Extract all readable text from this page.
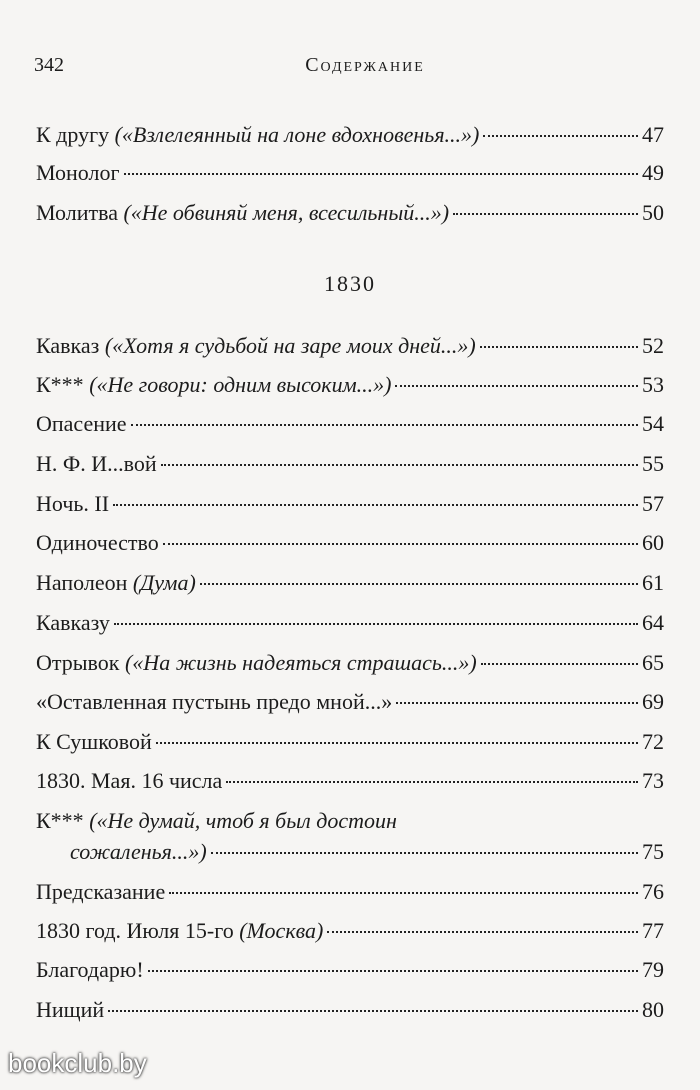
342	Содержание
К другу («Взлелеянный на лоне вдохновенья...»)	47
Монолог	49
Молитва («Не обвиняй меня, всесильный...»)	50
1830
Кавказ («Хотя я судьбой на заре моих дней...»)	52
К*** («Не говори: одним высоким...»)	53
Опасение	54
Н. Ф. И...вой	55
Ночь. II	57
Одиночество	60
Наполеон (Дума)	61
Кавказу	64
Отрывок («На жизнь надеяться страшась...»)	65
«Оставленная пустынь предо мной...»	69
К Сушковой	72
1830. Мая. 16 числа	73
К*** («Не думай, чтоб я был достоин
сожаленья...»)	75
Предсказание	76
1830 год. Июля 15-го (Москва)	77
Благодарю!	79
Нищий	80
bookclub.by
